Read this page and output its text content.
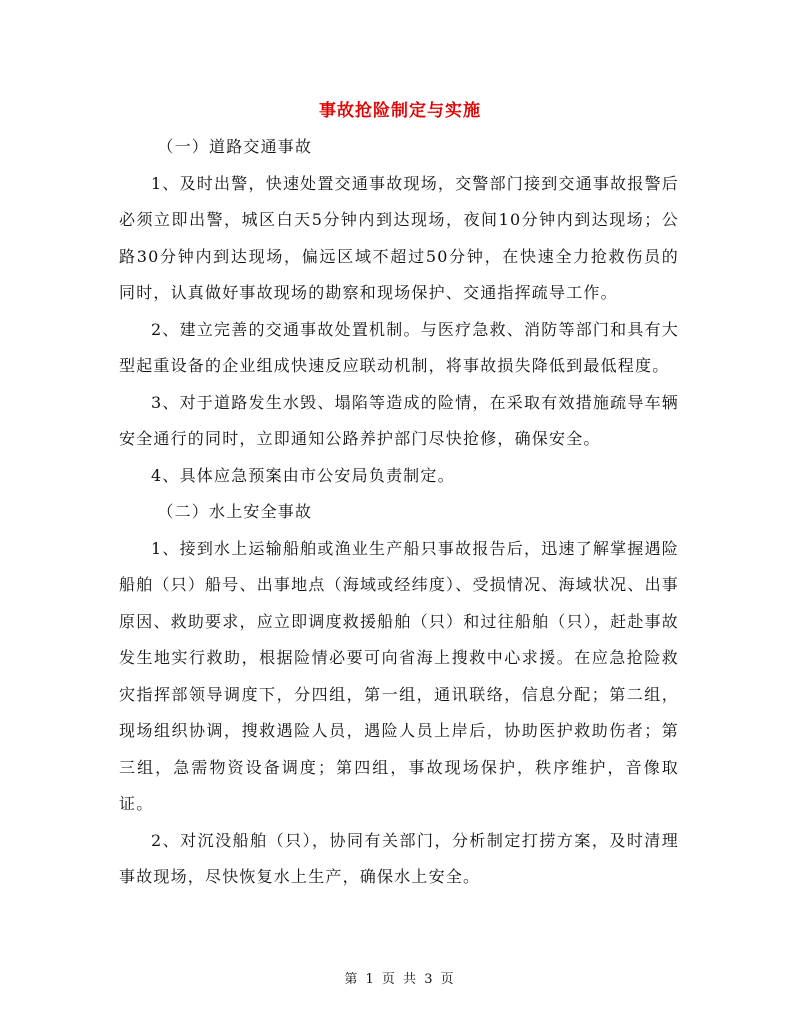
事故抢险制定与实施

（一）道路交通事故

1、及时出警，快速处置交通事故现场，交警部门接到交通事故报警后必须立即出警，城区白天5分钟内到达现场，夜间10分钟内到达现场；公路30分钟内到达现场，偏远区域不超过50分钟，在快速全力抢救伤员的同时，认真做好事故现场的勘察和现场保护、交通指挥疏导工作。

2、建立完善的交通事故处置机制。与医疗急救、消防等部门和具有大型起重设备的企业组成快速反应联动机制，将事故损失降低到最低程度。

3、对于道路发生水毁、塌陷等造成的险情，在采取有效措施疏导车辆安全通行的同时，立即通知公路养护部门尽快抢修，确保安全。

4、具体应急预案由市公安局负责制定。

（二）水上安全事故

1、接到水上运输船舶或渔业生产船只事故报告后，迅速了解掌握遇险船舶（只）船号、出事地点（海域或经纬度）、受损情况、海域状况、出事原因、救助要求，应立即调度救援船舶（只）和过往船舶（只），赶赴事故发生地实行救助，根据险情必要可向省海上搜救中心求援。在应急抢险救灾指挥部领导调度下，分四组，第一组，通讯联络，信息分配；第二组，现场组织协调，搜救遇险人员，遇险人员上岸后，协助医护救助伤者；第三组，急需物资设备调度；第四组，事故现场保护，秩序维护，音像取证。

2、对沉没船舶（只），协同有关部门，分析制定打捞方案，及时清理事故现场，尽快恢复水上生产，确保水上安全。

第 1 页 共 3 页
